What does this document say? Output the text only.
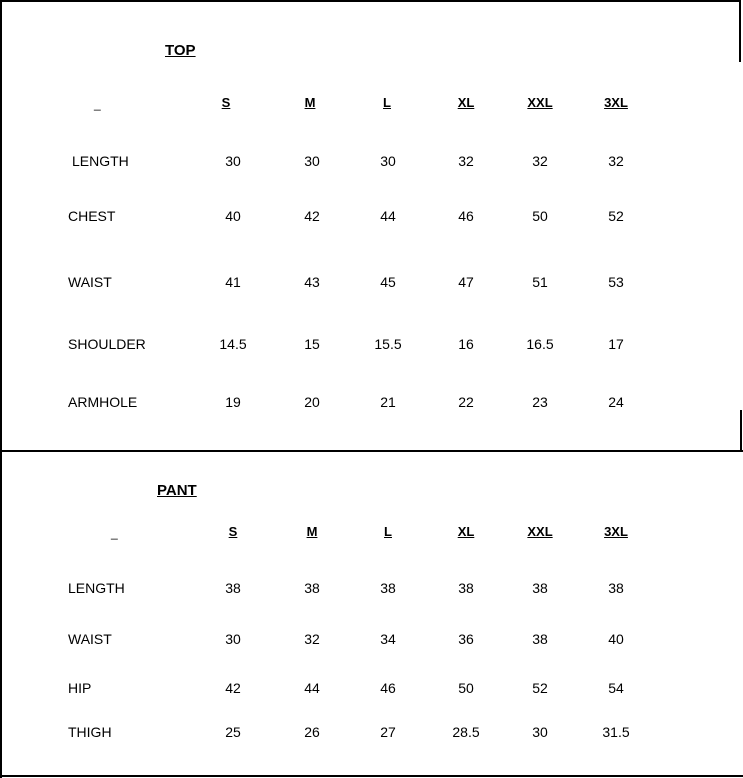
TOP
_	S	M	L	XL	XXL	3XL
LENGTH	30	30	30	32	32	32
CHEST	40	42	44	46	50	52
WAIST	41	43	45	47	51	53
SHOULDER	14.5	15	15.5	16	16.5	17
ARMHOLE	19	20	21	22	23	24
PANT
_	S	M	L	XL	XXL	3XL
LENGTH	38	38	38	38	38	38
WAIST	30	32	34	36	38	40
HIP	42	44	46	50	52	54
THIGH	25	26	27	28.5	30	31.5
